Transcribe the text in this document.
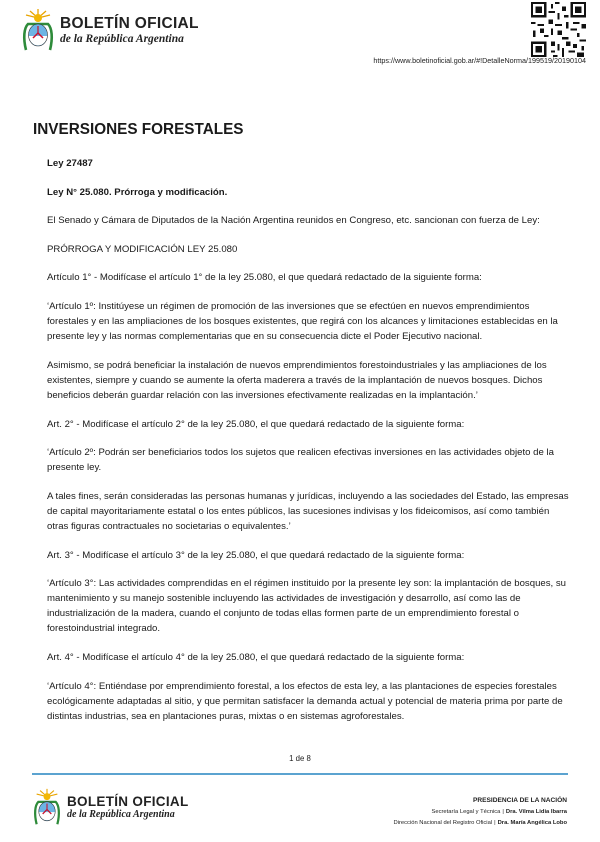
BOLETÍN OFICIAL
de la República Argentina
https://www.boletinoficial.gob.ar/#!DetalleNorma/199519/20190104
INVERSIONES FORESTALES

Ley 27487

Ley N° 25.080. Prórroga y modificación.

El Senado y Cámara de Diputados de la Nación Argentina reunidos en Congreso, etc. sancionan con fuerza de Ley:

PRÓRROGA Y MODIFICACIÓN LEY 25.080

Artículo 1° - Modifícase el artículo 1° de la ley 25.080, el que quedará redactado de la siguiente forma:

‘Artículo 1º: Institúyese un régimen de promoción de las inversiones que se efectúen en nuevos emprendimientos forestales y en las ampliaciones de los bosques existentes, que regirá con los alcances y limitaciones establecidas en la presente ley y las normas complementarias que en su consecuencia dicte el Poder Ejecutivo nacional.

Asimismo, se podrá beneficiar la instalación de nuevos emprendimientos forestoindustriales y las ampliaciones de los existentes, siempre y cuando se aumente la oferta maderera a través de la implantación de nuevos bosques. Dichos beneficios deberán guardar relación con las inversiones efectivamente realizadas en la implantación.’

Art. 2° - Modifícase el artículo 2° de la ley 25.080, el que quedará redactado de la siguiente forma:

‘Artículo 2º: Podrán ser beneficiarios todos los sujetos que realicen efectivas inversiones en las actividades objeto de la presente ley.

A tales fines, serán consideradas las personas humanas y jurídicas, incluyendo a las sociedades del Estado, las empresas de capital mayoritariamente estatal o los entes públicos, las sucesiones indivisas y los fideicomisos, así como también otras figuras contractuales no societarias o equivalentes.’

Art. 3° - Modifícase el artículo 3° de la ley 25.080, el que quedará redactado de la siguiente forma:

‘Artículo 3°: Las actividades comprendidas en el régimen instituido por la presente ley son: la implantación de bosques, su mantenimiento y su manejo sostenible incluyendo las actividades de investigación y desarrollo, así como las de industrialización de la madera, cuando el conjunto de todas ellas formen parte de un emprendimiento forestal o forestoindustrial integrado.

Art. 4° - Modifícase el artículo 4° de la ley 25.080, el que quedará redactado de la siguiente forma:

‘Artículo 4°: Entiéndase por emprendimiento forestal, a los efectos de esta ley, a las plantaciones de especies forestales ecológicamente adaptadas al sitio, y que permitan satisfacer la demanda actual y potencial de materia prima por parte de distintas industrias, sea en plantaciones puras, mixtas o en sistemas agroforestales.

1 de 8
BOLETÍN OFICIAL
de la República Argentina
PRESIDENCIA DE LA NACIÓN
Secretaría Legal y Técnica | Dra. Vilma Lidia Ibarra
Dirección Nacional del Registro Oficial | Dra. María Angélica Lobo
